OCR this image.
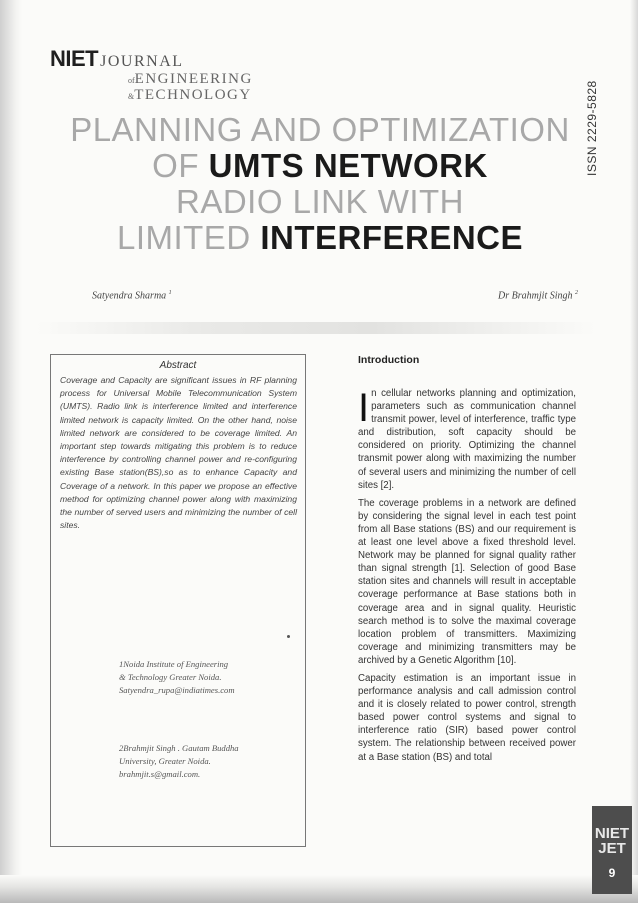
NIET JOURNAL
ofENGINEERING
&TECHNOLOGY	ISSN 2229-5828
PLANNING AND OPTIMIZATION
OF UMTS NETWORK
RADIO LINK WITH
LIMITED INTERFERENCE
Satyendra Sharma $^1$	Dr Brahmjit Singh $^2$
Abstract

Coverage and Capacity are significant issues in RF planning process for Universal Mobile Telecommunication System (UMTS). Radio link is interference limited and interference limited network is capacity limited. On the other hand, noise limited network are considered to be coverage limited. An important step towards mitigating this problem is to reduce interference by controlling channel power and re-configuring existing Base station(BS),so as to enhance Capacity and Coverage of a network. In this paper we propose an effective method for optimizing channel power along with maximizing the number of served users and minimizing the number of cell sites.

1Noida Institute of Engineering

& Technology Greater Noida.

Satyendra_rupa@indiatimes.com

2Brahmjit Singh . Gautam Buddha

University, Greater Noida.

brahmjit.s@gmail.com.

Introduction

In cellular networks planning and optimization, parameters such as communication channel transmit power, level of interference, traffic type and distribution, soft capacity should be considered on priority. Optimizing the channel transmit power along with maximizing the number of several users and minimizing the number of cell sites [2].

The coverage problems in a network are defined by considering the signal level in each test point from all Base stations (BS) and our requirement is at least one level above a fixed threshold level. Network may be planned for signal quality rather than signal strength [1]. Selection of good Base station sites and channels will result in acceptable coverage performance at Base stations both in coverage area and in signal quality. Heuristic search method is to solve the maximal coverage location problem of transmitters. Maximizing coverage and minimizing transmitters may be archived by a Genetic Algorithm [10].

Capacity estimation is an important issue in performance analysis and call admission control and it is closely related to power control, strength based power control systems and signal to interference ratio (SIR) based power control system. The relationship between received power at a Base station (BS) and total

NIET
JET
9
